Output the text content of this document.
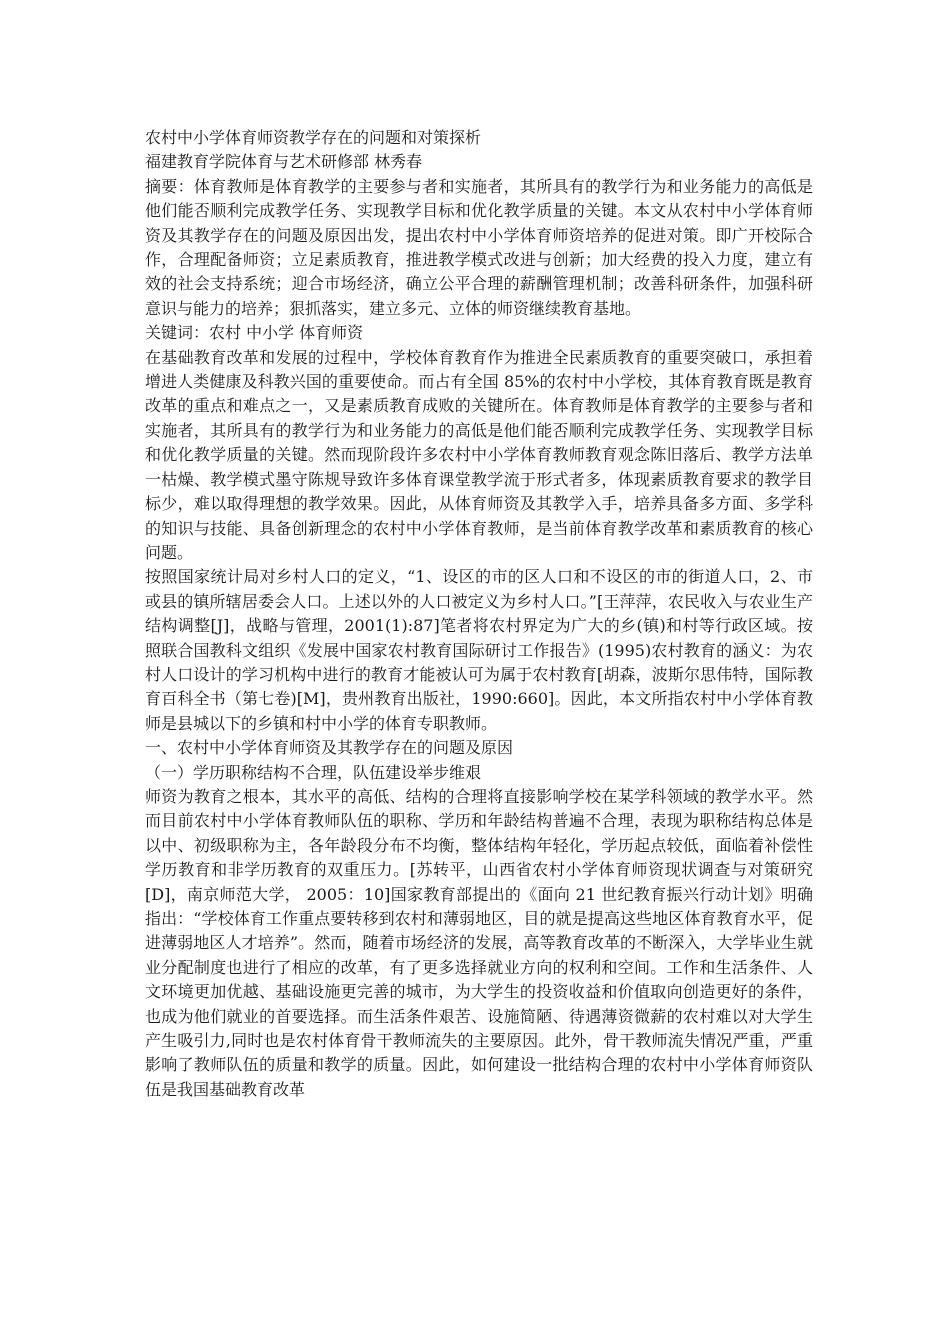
农村中小学体育师资教学存在的问题和对策探析

福建教育学院体育与艺术研修部 林秀春

摘要：体育教师是体育教学的主要参与者和实施者，其所具有的教学行为和业务能力的高低是他们能否顺利完成教学任务、实现教学目标和优化教学质量的关键。本文从农村中小学体育师资及其教学存在的问题及原因出发，提出农村中小学体育师资培养的促进对策。即广开校际合作，合理配备师资；立足素质教育，推进教学模式改进与创新；加大经费的投入力度，建立有效的社会支持系统；迎合市场经济，确立公平合理的薪酬管理机制；改善科研条件，加强科研意识与能力的培养；狠抓落实，建立多元、立体的师资继续教育基地。

关键词：农村 中小学 体育师资

在基础教育改革和发展的过程中，学校体育教育作为推进全民素质教育的重要突破口，承担着增进人类健康及科教兴国的重要使命。而占有全国 85%的农村中小学校，其体育教育既是教育改革的重点和难点之一，又是素质教育成败的关键所在。体育教师是体育教学的主要参与者和实施者，其所具有的教学行为和业务能力的高低是他们能否顺利完成教学任务、实现教学目标和优化教学质量的关键。然而现阶段许多农村中小学体育教师教育观念陈旧落后、教学方法单一枯燥、教学模式墨守陈规导致许多体育课堂教学流于形式者多，体现素质教育要求的教学目标少，难以取得理想的教学效果。因此，从体育师资及其教学入手，培养具备多方面、多学科的知识与技能、具备创新理念的农村中小学体育教师，是当前体育教学改革和素质教育的核心问题。

按照国家统计局对乡村人口的定义，“1、设区的市的区人口和不设区的市的街道人口，2、市或县的镇所辖居委会人口。上述以外的人口被定义为乡村人口。”[王萍萍，农民收入与农业生产结构调整[J]，战略与管理，2001(1):87]笔者将农村界定为广大的乡(镇)和村等行政区域。按照联合国教科文组织《发展中国家农村教育国际研讨工作报告》(1995)农村教育的涵义：为农村人口设计的学习机构中进行的教育才能被认可为属于农村教育[胡森，波斯尔思伟特，国际教育百科全书（第七卷)[M]，贵州教育出版社，1990:660]。因此，本文所指农村中小学体育教师是县城以下的乡镇和村中小学的体育专职教师。

一、农村中小学体育师资及其教学存在的问题及原因

（一）学历职称结构不合理，队伍建设举步维艰

师资为教育之根本，其水平的高低、结构的合理将直接影响学校在某学科领域的教学水平。然而目前农村中小学体育教师队伍的职称、学历和年龄结构普遍不合理，表现为职称结构总体是以中、初级职称为主，各年龄段分布不均衡，整体结构年轻化，学历起点较低，面临着补偿性学历教育和非学历教育的双重压力。[苏转平，山西省农村小学体育师资现状调查与对策研究[D]，南京师范大学， 2005：10]国家教育部提出的《面向 21 世纪教育振兴行动计划》明确指出：“学校体育工作重点要转移到农村和薄弱地区，目的就是提高这些地区体育教育水平，促进薄弱地区人才培养”。然而，随着市场经济的发展，高等教育改革的不断深入，大学毕业生就业分配制度也进行了相应的改革，有了更多选择就业方向的权利和空间。工作和生活条件、人文环境更加优越、基础设施更完善的城市，为大学生的投资收益和价值取向创造更好的条件，也成为他们就业的首要选择。而生活条件艰苦、设施简陋、待遇薄资微薪的农村难以对大学生产生吸引力,同时也是农村体育骨干教师流失的主要原因。此外，骨干教师流失情况严重，严重影响了教师队伍的质量和教学的质量。因此，如何建设一批结构合理的农村中小学体育师资队伍是我国基础教育改革
